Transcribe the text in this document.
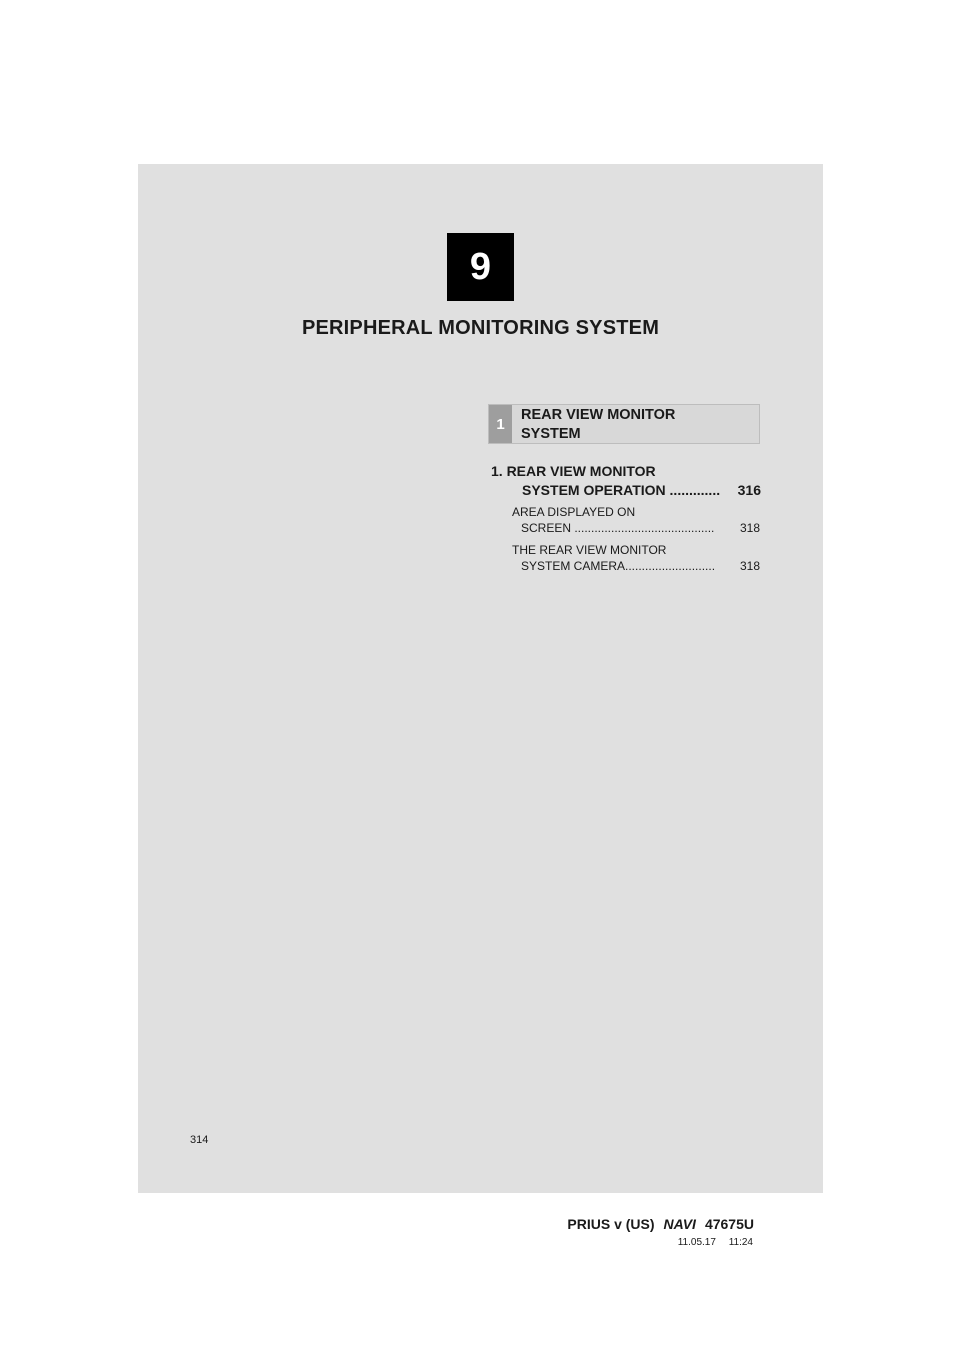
9
PERIPHERAL MONITORING SYSTEM
1
REAR VIEW MONITOR
SYSTEM
1. REAR VIEW MONITOR
SYSTEM OPERATION ............. 316
AREA DISPLAYED ON
SCREEN .......................................... 318
THE REAR VIEW MONITOR
SYSTEM CAMERA........................... 318
314
PRIUS v (US) NAVI 47675U
11.05.17 11:24
